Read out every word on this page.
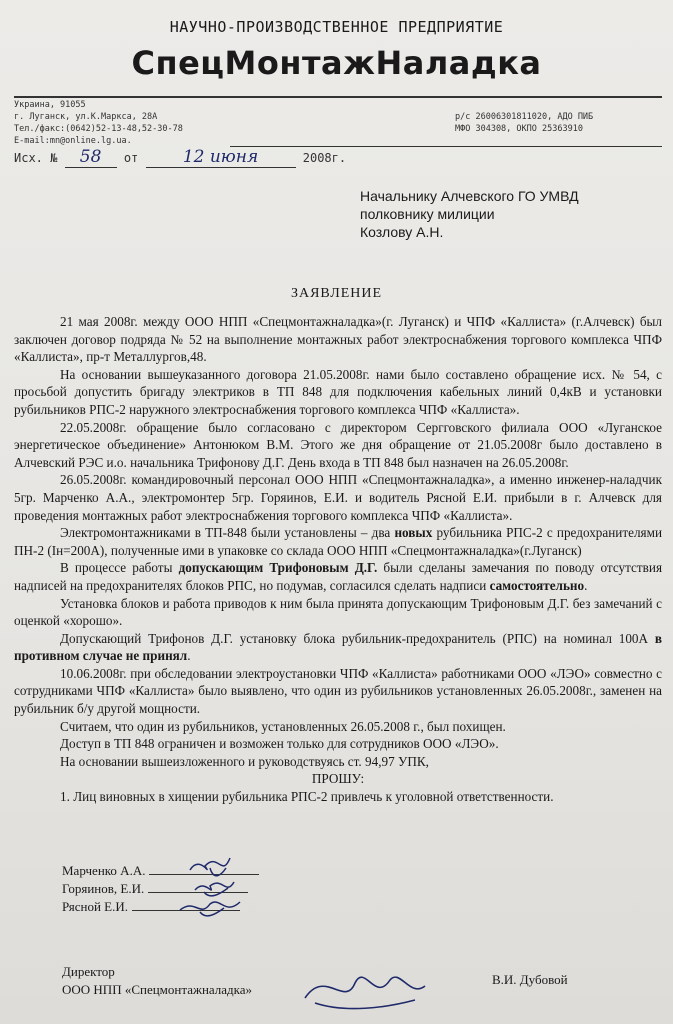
НАУЧНО-ПРОИЗВОДСТВЕННОЕ ПРЕДПРИЯТИЕ
СпецМонтажНаладка
Украина, 91055
г. Луганск, ул.К.Маркса, 28А
Тел./факс:(0642)52-13-48,52-30-78
E-mail:mn@online.lg.ua.
р/с 26006301811020, АДО ПИБ
МФО 304308, ОКПО 25363910
Исх. № 58 от	12 июня	2008г.
Начальнику Алчевского ГО УМВД
полковнику милиции
Козлову А.Н.
ЗАЯВЛЕНИЕ

21 мая 2008г. между ООО НПП «Спецмонтажналадка»(г. Луганск) и ЧПФ «Каллиста» (г.Алчевск) был заключен договор подряда № 52 на выполнение монтажных работ электроснабжения торгового комплекса ЧПФ «Каллиста», пр-т Металлургов,48.

На основании вышеуказанного договора 21.05.2008г. нами было составлено обращение исх. № 54, с просьбой допустить бригаду электриков в ТП 848 для подключения кабельных линий 0,4кВ и установки рубильников РПС-2 наружного электроснабжения торгового комплекса ЧПФ «Каллиста».

22.05.2008г. обращение было согласовано с директором Сергговского филиала ООО «Луганское энергетическое объединение» Антонюком В.М. Этого же дня обращение от 21.05.2008г было доставлено в Алчевский РЭС и.о. начальника Трифонову Д.Г. День входа в ТП 848 был назначен на 26.05.2008г.

26.05.2008г. командировочный персонал ООО НПП «Спецмонтажналадка», а именно инженер-наладчик 5гр. Марченко А.А., электромонтер 5гр. Горяинов, Е.И. и водитель Рясной Е.И. прибыли в г. Алчевск для проведения монтажных работ электроснабжения торгового комплекса ЧПФ «Каллиста».

Электромонтажниками в ТП-848 были установлены – два новых рубильника РПС-2 с предохранителями ПН-2 (Iн=200А), полученные ими в упаковке со склада ООО НПП «Спецмонтажналадка»(г.Луганск)

В процессе работы допускающим Трифоновым Д.Г. были сделаны замечания по поводу отсутствия надписей на предохранителях блоков РПС, но подумав, согласился сделать надписи самостоятельно.

Установка блоков и работа приводов к ним была принята допускающим Трифоновым Д.Г. без замечаний с оценкой «хорошо».

Допускающий Трифонов Д.Г. установку блока рубильник-предохранитель (РПС) на номинал 100А в противном случае не принял.

10.06.2008г. при обследовании электроустановки ЧПФ «Каллиста» работниками ООО «ЛЭО» совместно с сотрудниками ЧПФ «Каллиста» было выявлено, что один из рубильников установленных 26.05.2008г., заменен на рубильник б/у другой мощности.

Считаем, что один из рубильников, установленных 26.05.2008 г., был похищен.

Доступ в ТП 848 ограничен и возможен только для сотрудников ООО «ЛЭО».

На основании вышеизложенного и руководствуясь ст. 94,97 УПК,

ПРОШУ:

1. Лиц виновных в хищении рубильника РПС-2 привлечь к уголовной ответственности.

Марченко А.А.
Горяинов, Е.И.
Рясной Е.И.
Директор
ООО НПП «Спецмонтажналадка»
В.И. Дубовой
